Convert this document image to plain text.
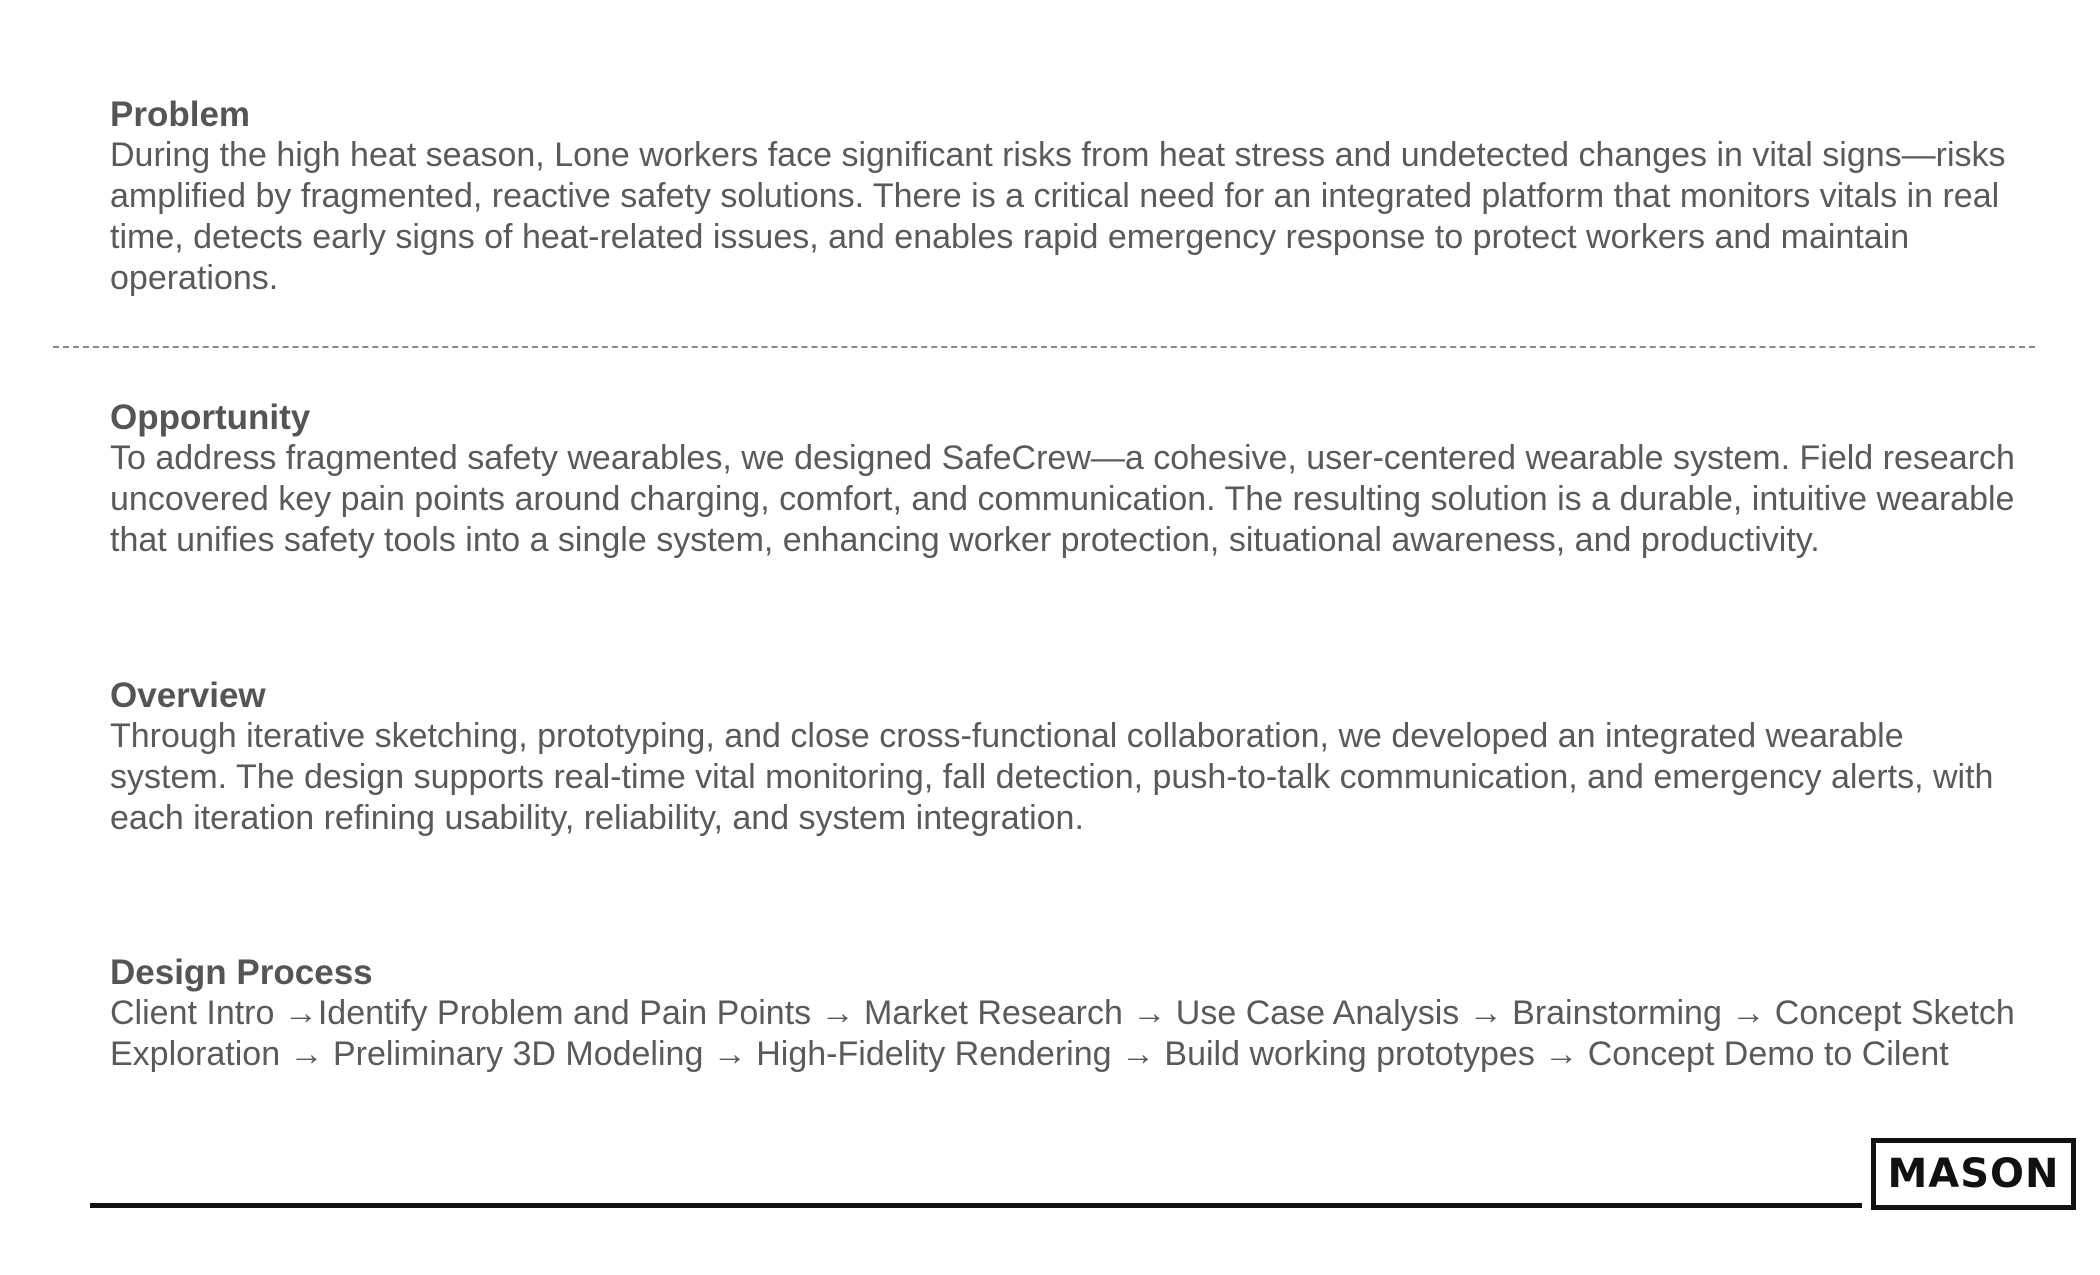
Problem

During the high heat season, Lone workers face significant risks from heat stress and undetected changes in vital signs—risks amplified by fragmented, reactive safety solutions. There is a critical need for an integrated platform that monitors vitals in real time, detects early signs of heat-related issues, and enables rapid emergency response to protect workers and maintain operations.

Opportunity

To address fragmented safety wearables, we designed SafeCrew—a cohesive, user-centered wearable system. Field research uncovered key pain points around charging, comfort, and communication. The resulting solution is a durable, intuitive wearable that unifies safety tools into a single system, enhancing worker protection, situational awareness, and productivity.

Overview

Through iterative sketching, prototyping, and close cross-functional collaboration, we developed an integrated wearable system. The design supports real-time vital monitoring, fall detection, push-to-talk communication, and emergency alerts, with each iteration refining usability, reliability, and system integration.

Design Process

Client Intro →Identify Problem and Pain Points → Market Research → Use Case Analysis → Brainstorming → Concept Sketch Exploration → Preliminary 3D Modeling → High-Fidelity Rendering → Build working prototypes → Concept Demo to Cilent

MASON
